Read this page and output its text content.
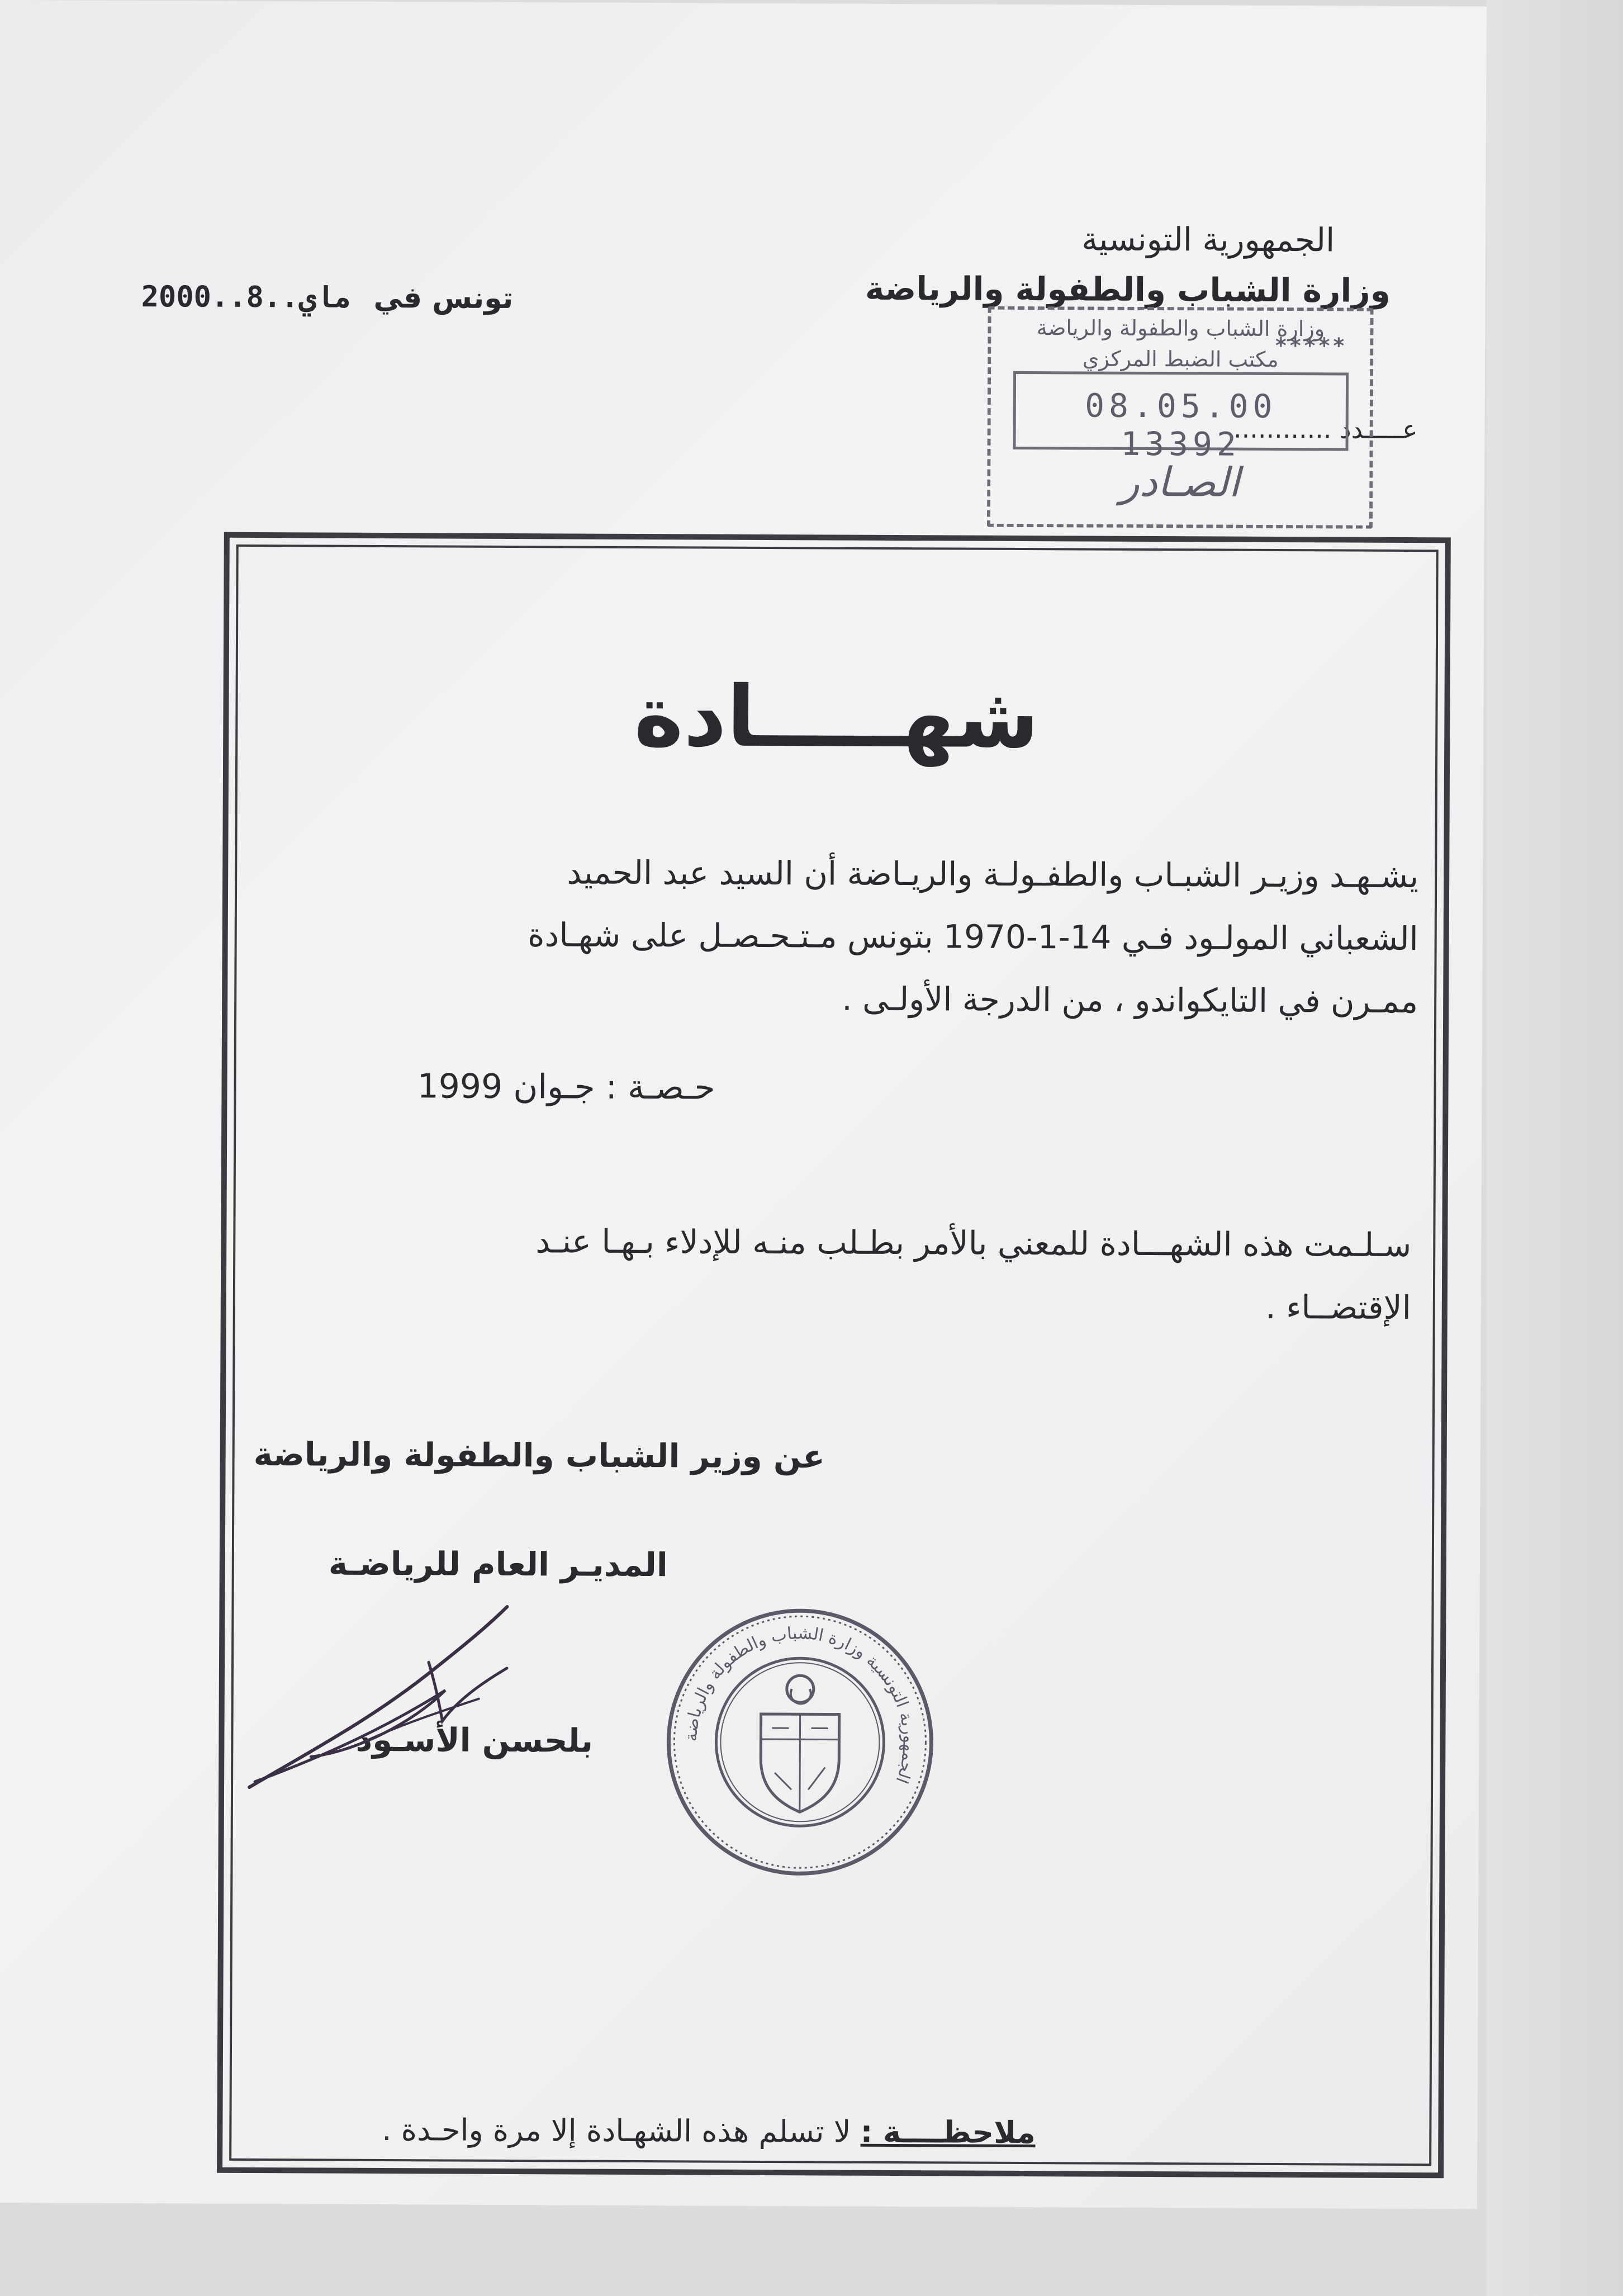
الجمهورية التونسية
وزارة الشباب والطفولة والرياضة
عـــــدد ............
2000..ماي..8 تونس في
وزارة الشباب والطفولة والرياضة
*****
مكتب الضبط المركزي
08.05.00 13392
الصـادر
شهـــــادة
يشـهـد وزيـر الشبـاب والطفـولـة والريـاضة أن السيد عبد الحميد
الشعباني المولـود فـي 14-1-1970 بتونس مـتـحـصـل على شهـادة
ممـرن في التايكواندو ، من الدرجة الأولـى .
حـصـة : جـوان 1999
سـلـمت هذه الشهـــادة للمعني بالأمر بطـلب منـه للإدلاء بـهـا عنـد
الإقتضــاء .
عن وزير الشباب والطفولة والرياضة
المديـر العام للرياضـة
بلحسن الأسـود	الجمهورية التونسية وزارة الشباب والطفولة والرياضة
ملاحظــــة : لا تسلم هذه الشهـادة إلا مرة واحـدة .
